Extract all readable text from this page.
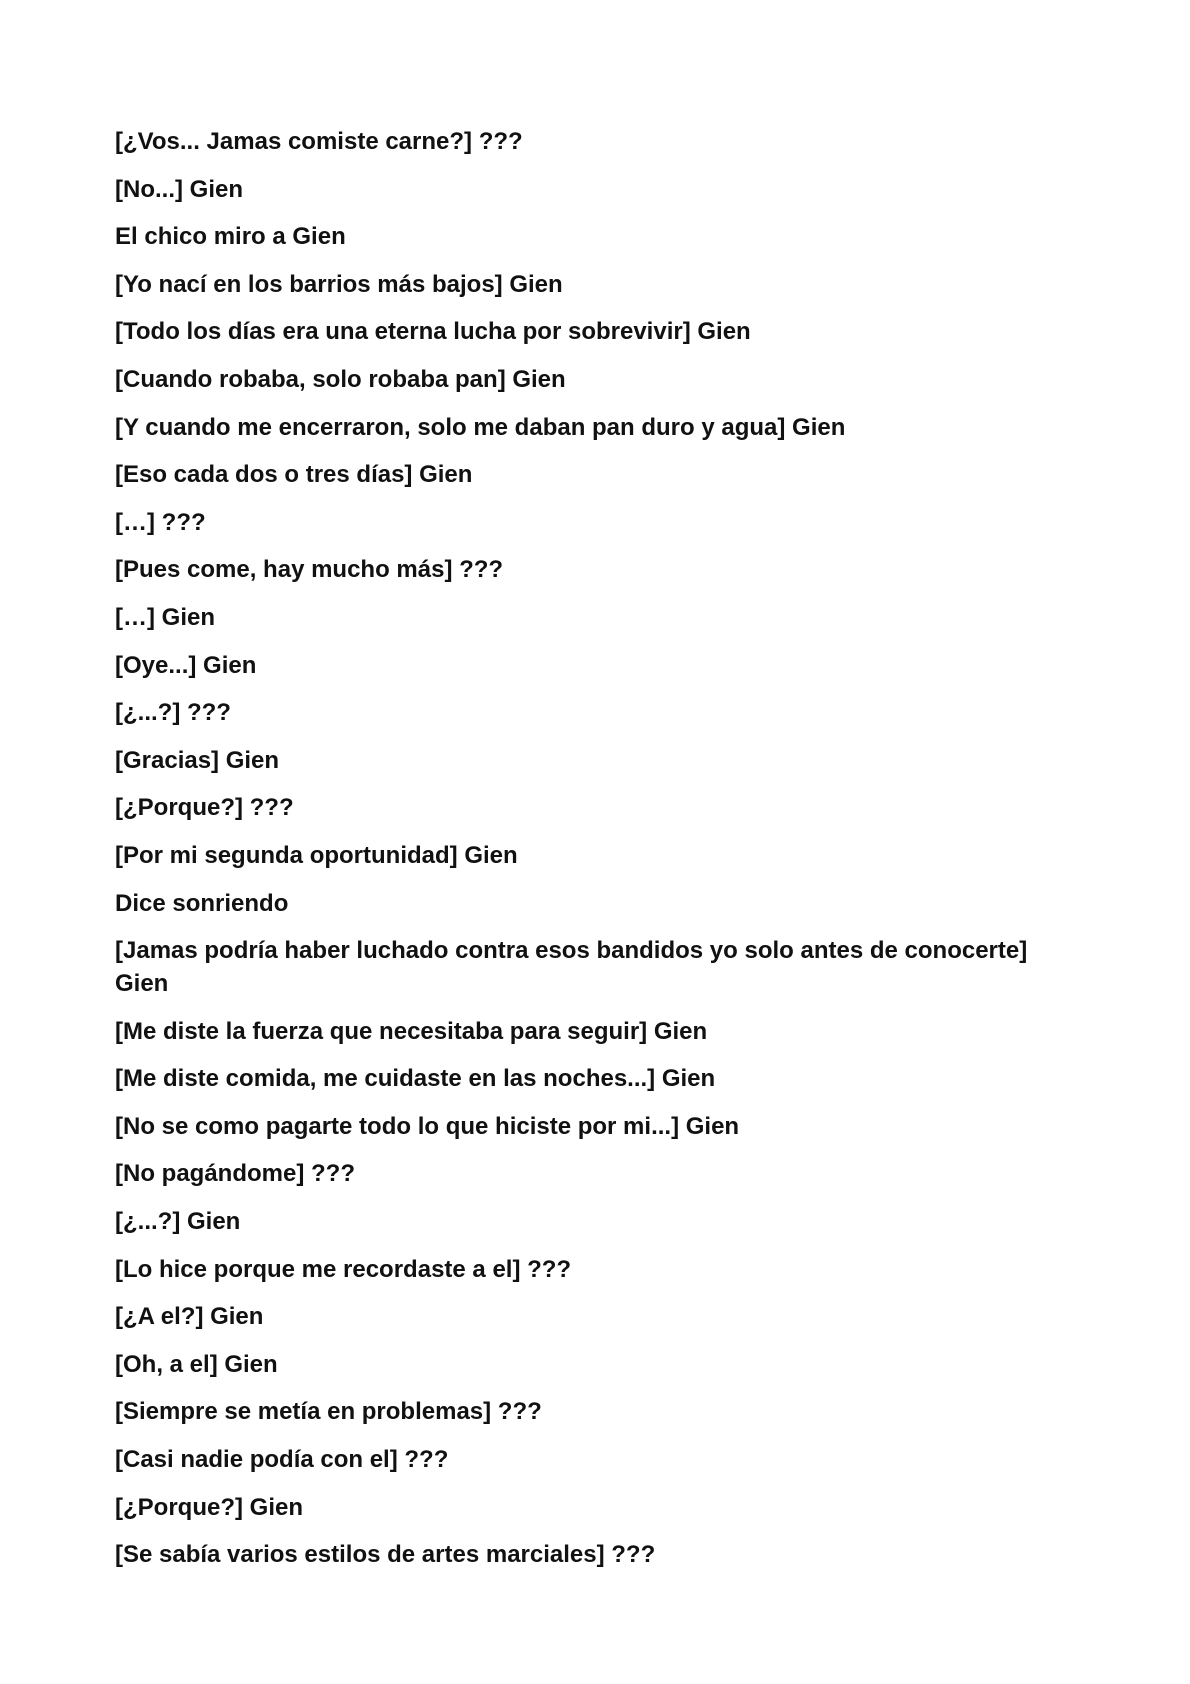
[¿Vos... Jamas comiste carne?] ???

[No...] Gien

El chico miro a Gien

[Yo nací en los barrios más bajos] Gien

[Todo los días era una eterna lucha por sobrevivir] Gien

[Cuando robaba, solo robaba pan] Gien

[Y cuando me encerraron, solo me daban pan duro y agua] Gien

[Eso cada dos o tres días] Gien

[…] ???

[Pues come, hay mucho más] ???

[…] Gien

[Oye...] Gien

[¿...?] ???

[Gracias] Gien

[¿Porque?] ???

[Por mi segunda oportunidad] Gien

Dice sonriendo

[Jamas podría haber luchado contra esos bandidos yo solo antes de conocerte] Gien

[Me diste la fuerza que necesitaba para seguir] Gien

[Me diste comida, me cuidaste en las noches...] Gien

[No se como pagarte todo lo que hiciste por mi...] Gien

[No pagándome] ???

[¿...?] Gien

[Lo hice porque me recordaste a el] ???

[¿A el?] Gien

[Oh, a el] Gien

[Siempre se metía en problemas] ???

[Casi nadie podía con el] ???

[¿Porque?] Gien

[Se sabía varios estilos de artes marciales] ???
